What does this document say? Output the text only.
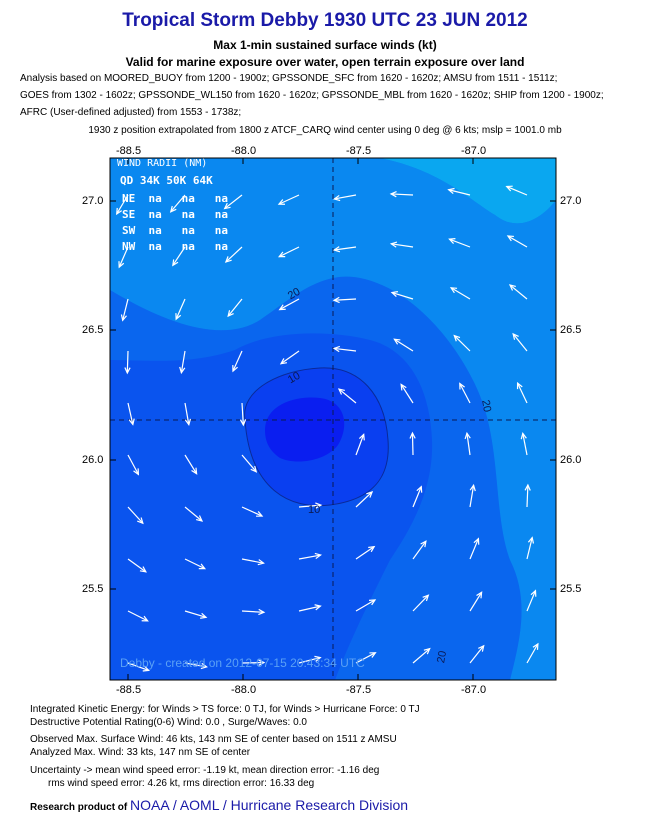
Tropical Storm Debby 1930 UTC 23 JUN 2012
Max 1-min sustained surface winds (kt)
Valid for marine exposure over water, open terrain exposure over land
Analysis based on MOORED_BUOY from 1200 - 1900z; GPSSONDE_SFC from 1620 - 1620z; AMSU from 1511 - 1511z;
GOES from 1302 - 1602z; GPSSONDE_WL150 from 1620 - 1620z; GPSSONDE_MBL from 1620 - 1620z; SHIP from 1200 - 1900z;
AFRC (User-defined adjusted) from 1553 - 1738z;
1930 z position extrapolated from 1800 z ATCF_CARQ wind center using 0 deg @ 6 kts; mslp = 1001.0 mb
20
10
10
20
20
-88.5	-88.0	-87.5	-87.0
-88.5	-88.0	-87.5	-87.0
27.0
26.5
26.0
25.5
27.0
26.5
26.0
25.5
WIND RADII (NM)
QD 34K 50K 64K
NE na na na
SE na na na
SW na na na
NW na na na
Debby - created on 2012-07-15 20:43:34 UTC
Integrated Kinetic Energy: for Winds > TS force: 0 TJ, for Winds > Hurricane Force: 0 TJ
Destructive Potential Rating(0-6) Wind: 0.0 , Surge/Waves: 0.0
Observed Max. Surface Wind: 46 kts, 143 nm SE of center based on 1511 z AMSU
Analyzed Max. Wind: 33 kts, 147 nm SE of center
Uncertainty -> mean wind speed error: -1.19 kt, mean direction error: -1.16 deg
rms wind speed error: 4.26 kt, rms direction error: 16.33 deg
Research product of NOAA / AOML / Hurricane Research Division
